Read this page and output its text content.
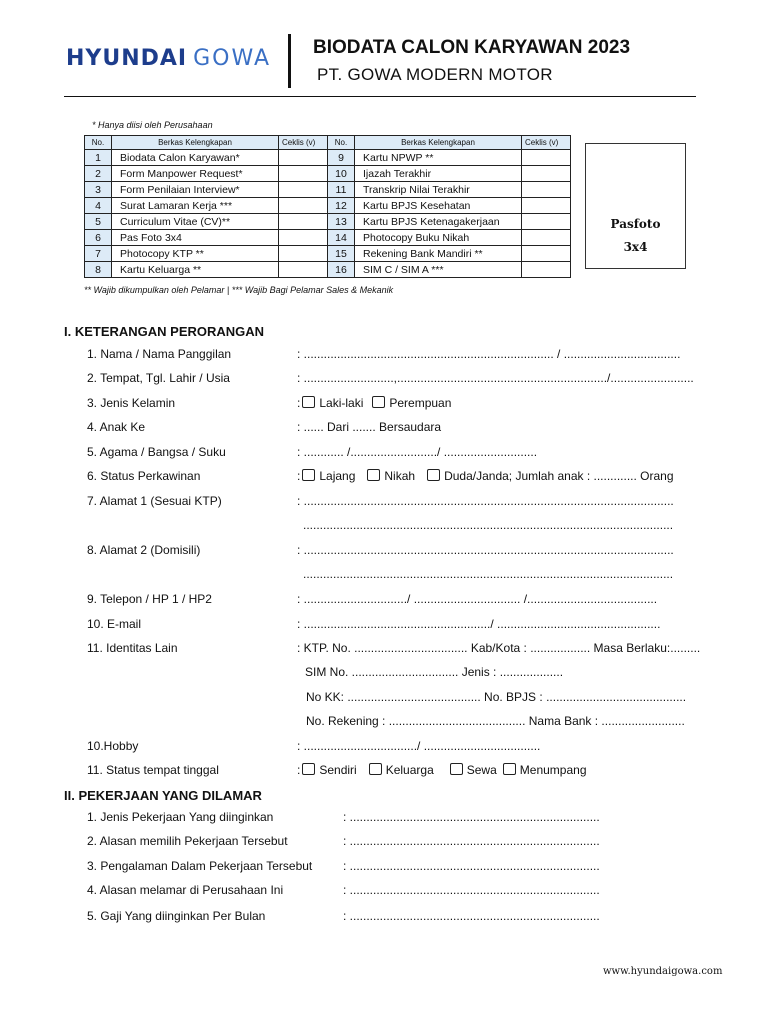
HYUNDAI GOWA BIODATA CALON KARYAWAN 2023
PT. GOWA MODERN MOTOR
* Hanya diisi oleh Perusahaan
No.	Berkas Kelengkapan	Ceklis (v)	No.	Berkas Kelengkapan	Ceklis (v)
1	Biodata Calon Karyawan*		9	Kartu NPWP **	
2	Form Manpower Request*		10	Ijazah Terakhir	
3	Form Penilaian Interview*		11	Transkrip Nilai Terakhir	
4	Surat Lamaran Kerja ***		12	Kartu BPJS Kesehatan	
5	Curriculum Vitae (CV)**		13	Kartu BPJS Ketenagakerjaan	
6	Pas Foto 3x4		14	Photocopy Buku Nikah	
7	Photocopy KTP **		15	Rekening Bank Mandiri **	
8	Kartu Keluarga **		16	SIM C / SIM A ***	
** Wajib dikumpulkan oleh Pelamar | *** Wajib Bagi Pelamar Sales & Mekanik
Pasfoto
3x4
I. KETERANGAN PERORANGAN
1. Nama / Nama Panggilan	: ........................................................................... / ...................................
2. Tempat, Tgl. Lahir / Usia	: ...........................,.............................................................../.........................
3. Jenis Kelamin	: Laki-laki Perempuan
4. Anak Ke	: ...... Dari ....... Bersaudara
5. Agama / Bangsa / Suku	: ............ /........................../ ............................
6. Status Perkawinan	: Lajang Nikah Duda/Janda; Jumlah anak : ............. Orang
7. Alamat 1 (Sesuai KTP)	: ...............................................................................................................
...............................................................................................................
8. Alamat 2 (Domisili)	: ...............................................................................................................
...............................................................................................................
9. Telepon / HP 1 / HP2	: .............................../ ................................ /.......................................
10. E-mail	: ......................................................../ .................................................
11. Identitas Lain	: KTP. No. .................................. Kab/Kota : .................. Masa Berlaku:.........
SIM No. ................................ Jenis : ...................
No KK: ........................................ No. BPJS : ..........................................
No. Rekening : ......................................... Nama Bank : .........................
10.Hobby	: ................................../ ...................................
11. Status tempat tinggal	: Sendiri Keluarga	Sewa Menumpang
II. PEKERJAAN YANG DILAMAR
1. Jenis Pekerjaan Yang diinginkan	: ...........................................................................
2. Alasan memilih Pekerjaan Tersebut	: ...........................................................................
3. Pengalaman Dalam Pekerjaan Tersebut	: ...........................................................................
4. Alasan melamar di Perusahaan Ini	: ...........................................................................
5. Gaji Yang diinginkan Per Bulan	: ...........................................................................
www.hyundaigowa.com
